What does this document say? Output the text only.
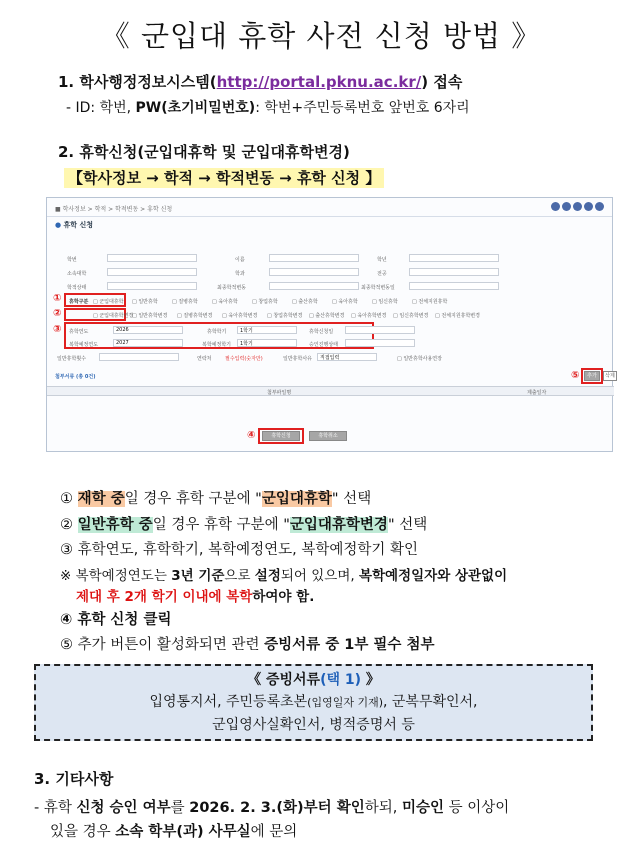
《 군입대 휴학 사전 신청 방법 》
1. 학사행정정보시스템(http://portal.pknu.ac.kr/) 접속
- ID: 학번, PW(초기비밀번호): 학번+주민등록번호 앞번호 6자리
2. 휴학신청(군입대휴학 및 군입대휴학변경)
【학사정보 → 학적 → 학적변동 → 휴학 신청 】
■ 학사정보 > 학적 > 학적변동 > 휴학 신청
● 휴학 신청
학번	이름	학년
소속대학	학과	전공
학적상태	최종학적변동	최종학적변동일
① 휴학구분 □ 군입대휴학 □ 일반휴학	□ 질병휴학	□ 육아휴학	□ 창업휴학	□ 출산휴학	□ 육아휴학	□ 임신휴학	□ 전체지원휴학
②	□ 군입대휴학변경
□ 일반휴학변경 □ 질병휴학변경 □ 육아휴학변경 □ 창업휴학변경 □ 출산휴학변경 □ 육아휴학변경 □ 임신휴학변경 □ 전체지원휴학변경
③ 휴학연도	2026	휴학학기	1학기	휴학신청일
복학예정연도	2027	복학예정학기	1학기	승인진행상태
일반휴학횟수	연락처	필수입력(숫자만)	일반휴학사유	직접입력	□ 일반휴학사용연장
첨부서류 (총 0건)	⑤	추가	삭제
첨부파일명	제출일자
④	휴학신청	휴학취소
① 재학 중일 경우 휴학 구분에 "군입대휴학" 선택
② 일반휴학 중일 경우 휴학 구분에 "군입대휴학변경" 선택
③ 휴학연도, 휴학학기, 복학예정연도, 복학예정학기 확인
※ 복학예정연도는 3년 기준으로 설정되어 있으며, 복학예정일자와 상관없이
제대 후 2개 학기 이내에 복학하여야 함.
④ 휴학 신청 클릭
⑤ 추가 버튼이 활성화되면 관련 증빙서류 중 1부 필수 첨부
《 증빙서류(택 1) 》
입영통지서, 주민등록초본(입영일자 기재), 군복무확인서,
군입영사실확인서, 병적증명서 등
3. 기타사항
- 휴학 신청 승인 여부를 2026. 2. 3.(화)부터 확인하되, 미승인 등 이상이
있을 경우 소속 학부(과) 사무실에 문의
